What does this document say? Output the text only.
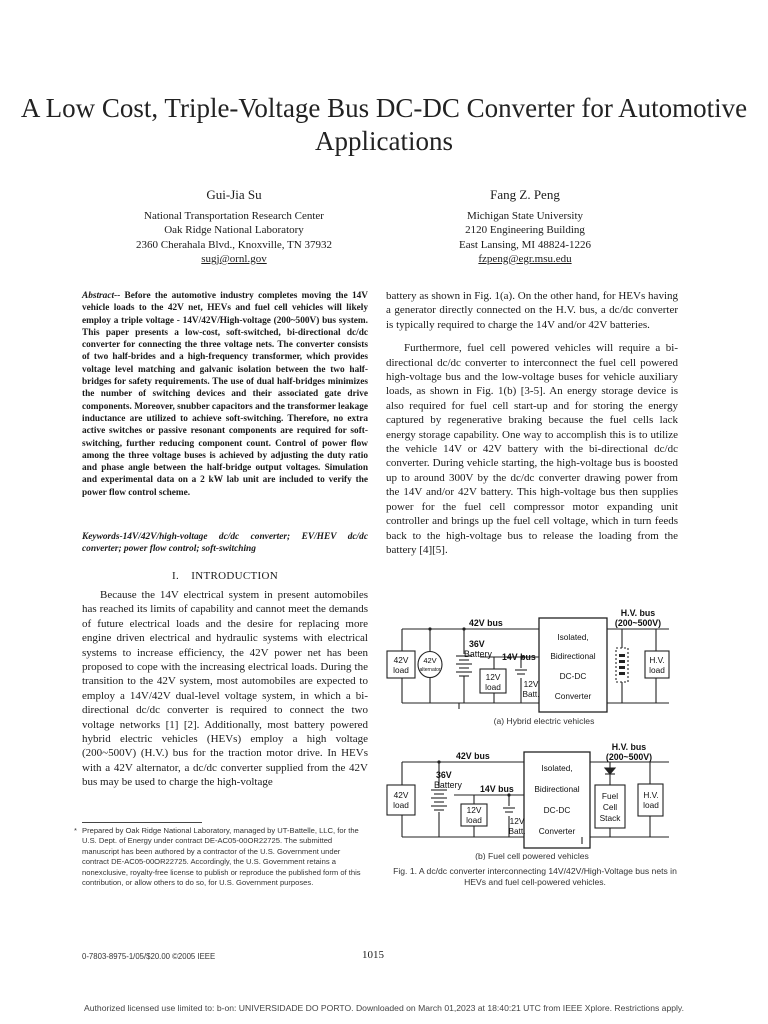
A Low Cost, Triple-Voltage Bus DC-DC Converter for Automotive Applications
Gui-Jia Su
National Transportation Research Center
Oak Ridge National Laboratory
2360 Cherahala Blvd., Knoxville, TN 37932
sugj@ornl.gov
Fang Z. Peng
Michigan State University
2120 Engineering Building
East Lansing, MI 48824-1226
fzpeng@egr.msu.edu
Abstract-- Before the automotive industry completes moving the 14V vehicle loads to the 42V net, HEVs and fuel cell vehicles will likely employ a triple voltage - 14V/42V/High-voltage (200~500V) bus system. This paper presents a low-cost, soft-switched, bi-directional dc/dc converter for connecting the three voltage nets. The converter consists of two half-brides and a high-frequency transformer, which provides voltage level matching and galvanic isolation between the two half-bridges for safety requirements. The use of dual half-bridges minimizes the number of switching devices and their associated gate drive components. Moreover, snubber capacitors and the transformer leakage inductance are utilized to achieve soft-switching. Therefore, no extra active switches or passive resonant components are required for soft-switching, further reducing component count. Control of power flow among the three voltage buses is achieved by adjusting the duty ratio and phase angle between the half-bridge output voltages. Simulation and experimental data on a 2 kW lab unit are included to verify the power flow control scheme.
Keywords-14V/42V/high-voltage dc/dc converter; EV/HEV dc/dc converter; power flow control; soft-switching
I.    INTRODUCTION

Because the 14V electrical system in present automobiles has reached its limits of capability and cannot meet the demands of future electrical loads and the desire for replacing more engine driven electrical and hydraulic systems with electrical systems to increase efficiency, the 42V power net has been proposed to cope with the increasing electrical loads. During the transition to the 42V system, most automobiles are expected to employ a 14V/42V dual-level voltage system, in which a bi-directional dc/dc converter is required to connect the two voltage networks [1] [2]. Additionally, most battery powered hybrid electric vehicles (HEVs) employ a high voltage (200~500V) (H.V.) bus for the traction motor drive. In HEVs with a 42V alternator, a dc/dc converter supplied from the 42V bus may be used to charge the high-voltage

* Prepared by Oak Ridge National Laboratory, managed by UT-Battelle, LLC, for the U.S. Dept. of Energy under contract DE-AC05-00OR22725. The submitted manuscript has been authored by a contractor of the U.S. Government under contract DE-AC05-00OR22725. Accordingly, the U.S. Government retains a nonexclusive, royalty-free license to publish or reproduce the published form of this contribution, or allow others to do so, for U.S. Government purposes.

battery as shown in Fig. 1(a). On the other hand, for HEVs having a generator directly connected on the H.V. bus, a dc/dc converter is typically required to charge the 14V and/or 42V batteries.

Furthermore, fuel cell powered vehicles will require a bi-directional dc/dc converter to interconnect the fuel cell powered high-voltage bus and the low-voltage buses for vehicle auxiliary loads, as shown in Fig. 1(b) [3-5]. An energy storage device is also required for fuel cell start-up and for storing the energy captured by regenerative braking because the fuel cells lack energy storage capability. One way to accomplish this is to utilize the vehicle 14V or 42V battery with the bi-directional dc/dc converter. During vehicle starting, the high-voltage bus is boosted up to around 300V by the dc/dc converter drawing power from the 14V and/or 42V battery. This high-voltage bus then supplies power for the fuel cell compressor motor expanding unit controller and brings up the fuel cell voltage, which in turn feeds back to the high-voltage bus to release the loading from the battery [4][5].

42V bus
H.V. bus
(200~500V)
36V
Battery 14V bus
42V
load
42V
alternator
12V
load	12V
Batt.
Isolated,
Bidirectional
DC-DC
Converter
H.V.
load
(a) Hybrid electric vehicles
42V bus
H.V. bus
(200~500V)
36V
Battery 14V bus
42V
load	12V
load	12V
Batt.
Isolated,
Bidirectional
DC-DC
Converter
Fuel
Cell
Stack
H.V.
load
(b) Fuel cell powered vehicles
Fig. 1. A dc/dc converter interconnecting 14V/42V/High-Voltage bus nets in HEVs and fuel cell-powered vehicles.
0-7803-8975-1/05/$20.00 ©2005 IEEE	1015
Authorized licensed use limited to: b-on: UNIVERSIDADE DO PORTO. Downloaded on March 01,2023 at 18:40:21 UTC from IEEE Xplore. Restrictions apply.
